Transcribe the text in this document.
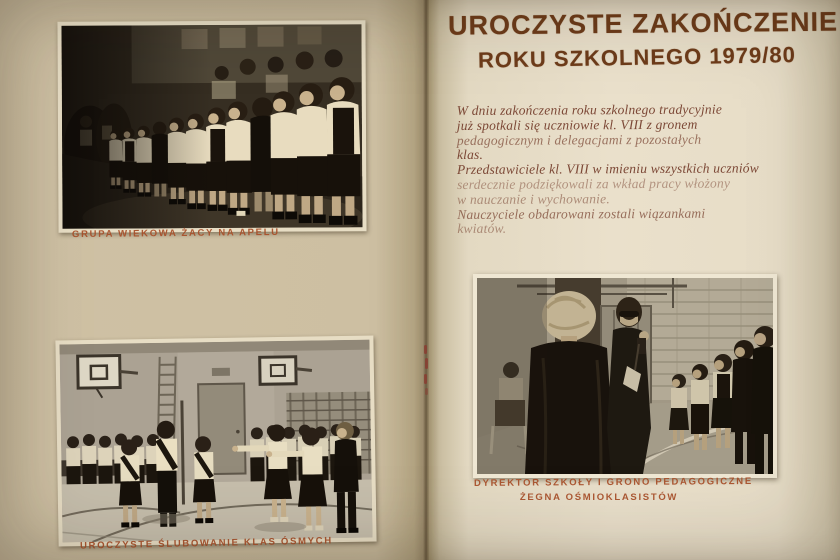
GRUPA WIEKOWA ŻACY NA APELU
UROCZYSTE ŚLUBOWANIE KLAS ÓSMYCH
UROCZYSTE ZAKOŃCZENIE
ROKU SZKOLNEGO 1979/80
W dniu zakończenia roku szkolnego tradycyjnie
już spotkali się uczniowie kl. VIII z gronem
pedagogicznym i delegacjami z pozostałych
klas.
Przedstawiciele kl. VIII w imieniu wszystkich uczniów
serdecznie podziękowali za wkład pracy włożony
w nauczanie i wychowanie.
Nauczyciele obdarowani zostali wiązankami
kwiatów.
DYREKTOR SZKOŁY I GRONO PEDAGOGICZNE
ŻEGNA OŚMIOKLASISTÓW
